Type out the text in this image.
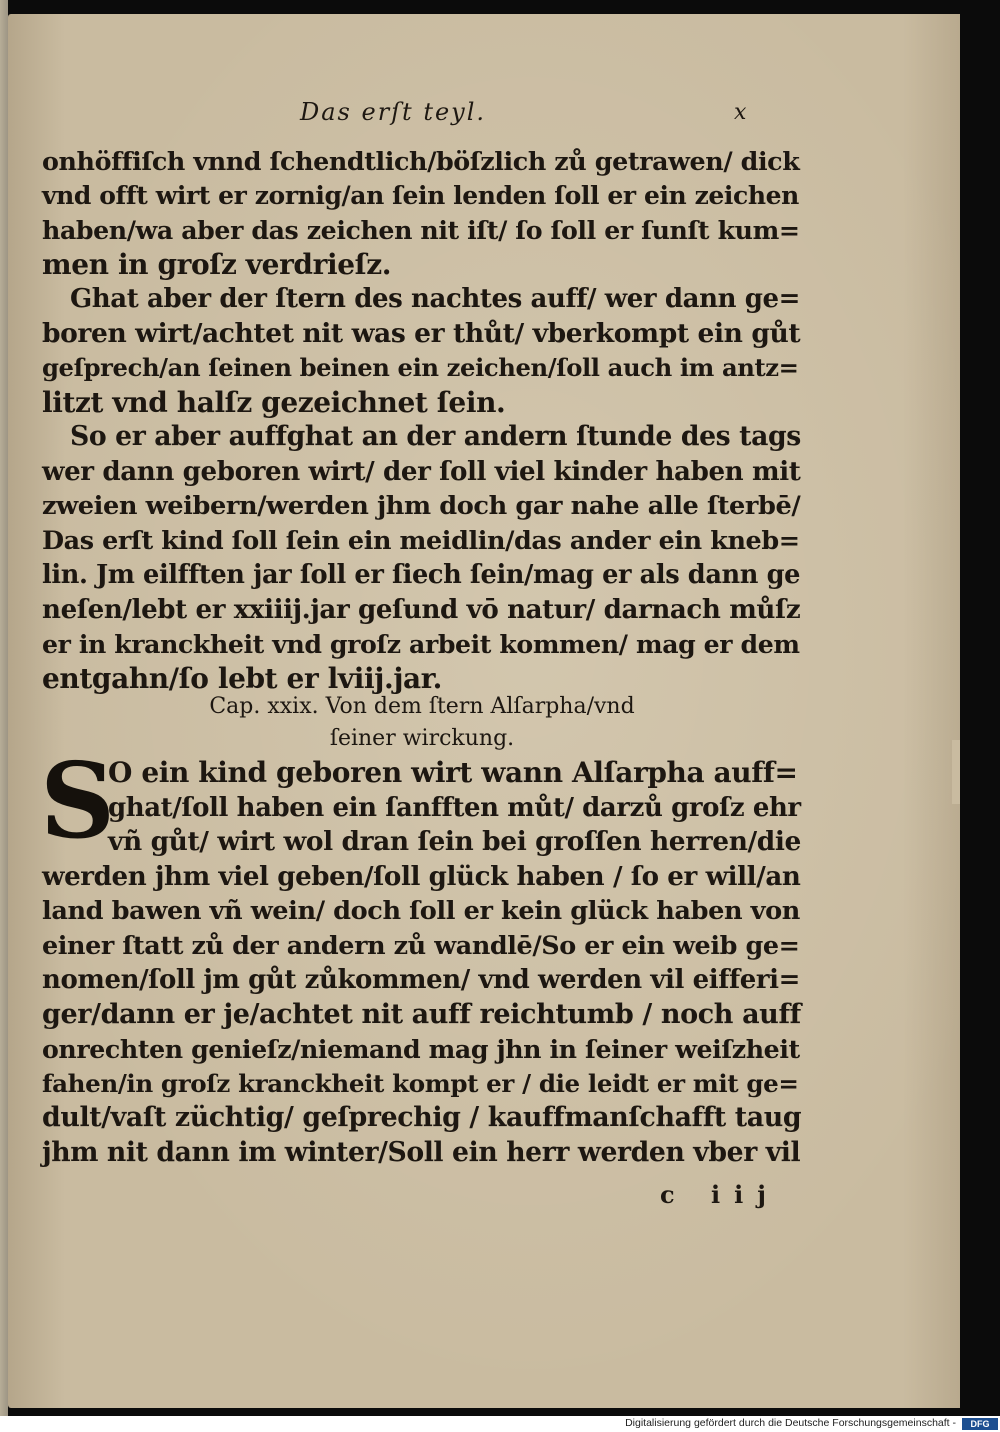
Das erſt teyl.	x
onhöffiſch vnnd ſchendtlich/böſzlich zů getrawen/ dick
vnd offt wirt er zornig/an ſein lenden ſoll er ein zeichen
haben/wa aber das zeichen nit iſt/ ſo ſoll er ſunſt kum=
men in groſz verdrieſz.
Ghat aber der ſtern des nachtes auff/ wer dann ge=
boren wirt/achtet nit was er thůt/ vberkompt ein gůt
geſprech/an ſeinen beinen ein zeichen/ſoll auch im antz=
litzt vnd halſz gezeichnet ſein.
So er aber auffghat an der andern ſtunde des tags
wer dann geboren wirt/ der ſoll viel kinder haben mit
zweien weibern/werden jhm doch gar nahe alle ſterbē/
Das erſt kind ſoll ſein ein meidlin/das ander ein kneb=
lin. Jm eilfften jar ſoll er ſiech ſein/mag er als dann ge
neſen/lebt er xxiiij.jar geſund vō natur/ darnach můſz
er in kranckheit vnd groſz arbeit kommen/ mag er dem
entgahn/ſo lebt er lviij.jar.
Cap. xxix. Von dem ſtern Alſarpha/vnd
ſeiner wirckung.
S
O ein kind geboren wirt wann Alſarpha auff=
ghat/ſoll haben ein ſanfften můt/ darzů groſz ehr
vñ gůt/ wirt wol dran ſein bei groſſen herren/die
werden jhm viel geben/ſoll glück haben / ſo er will/an
land bawen vñ wein/ doch ſoll er kein glück haben von
einer ſtatt zů der andern zů wandlē/So er ein weib ge=
nomen/ſoll jm gůt zůkommen/ vnd werden vil eifferi=
ger/dann er je/achtet nit auff reichtumb / noch auff
onrechten genieſz/niemand mag jhn in ſeiner weiſzheit
fahen/in groſz kranckheit kompt er / die leidt er mit ge=
dult/vaſt züchtig/ geſprechig / kauffmanſchafft taug
jhm nit dann im winter/Soll ein herr werden vber vil
c iij
Digitalisierung gefördert durch die Deutsche Forschungsgemeinschaft -	DFG
